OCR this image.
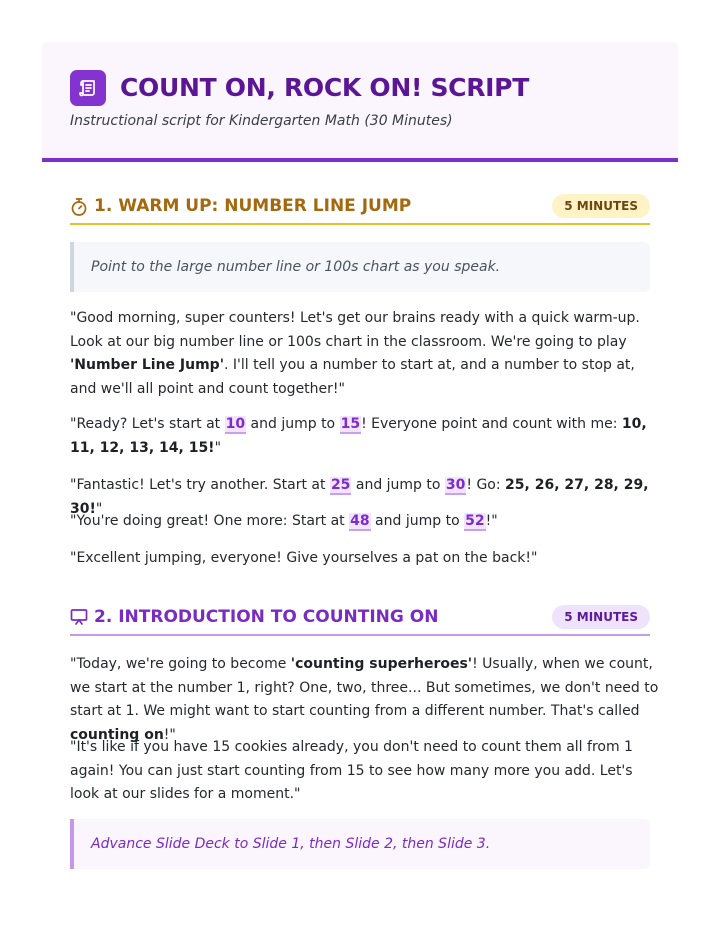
COUNT ON, ROCK ON! SCRIPT
Instructional script for Kindergarten Math (30 Minutes)
1. WARM UP: NUMBER LINE JUMP	5 MINUTES
Point to the large number line or 100s chart as you speak.
"Good morning, super counters! Let's get our brains ready with a quick warm-up. Look at our big number line or 100s chart in the classroom. We're going to play 'Number Line Jump'. I'll tell you a number to start at, and a number to stop at, and we'll all point and count together!"
"Ready? Let's start at 10 and jump to 15! Everyone point and count with me: 10, 11, 12, 13, 14, 15!"
"Fantastic! Let's try another. Start at 25 and jump to 30! Go: 25, 26, 27, 28, 29, 30!"
"You're doing great! One more: Start at 48 and jump to 52!"
"Excellent jumping, everyone! Give yourselves a pat on the back!"
2. INTRODUCTION TO COUNTING ON	5 MINUTES
"Today, we're going to become 'counting superheroes'! Usually, when we count, we start at the number 1, right? One, two, three... But sometimes, we don't need to start at 1. We might want to start counting from a different number. That's called counting on!"
"It's like if you have 15 cookies already, you don't need to count them all from 1 again! You can just start counting from 15 to see how many more you add. Let's look at our slides for a moment."
Advance Slide Deck to Slide 1, then Slide 2, then Slide 3.
